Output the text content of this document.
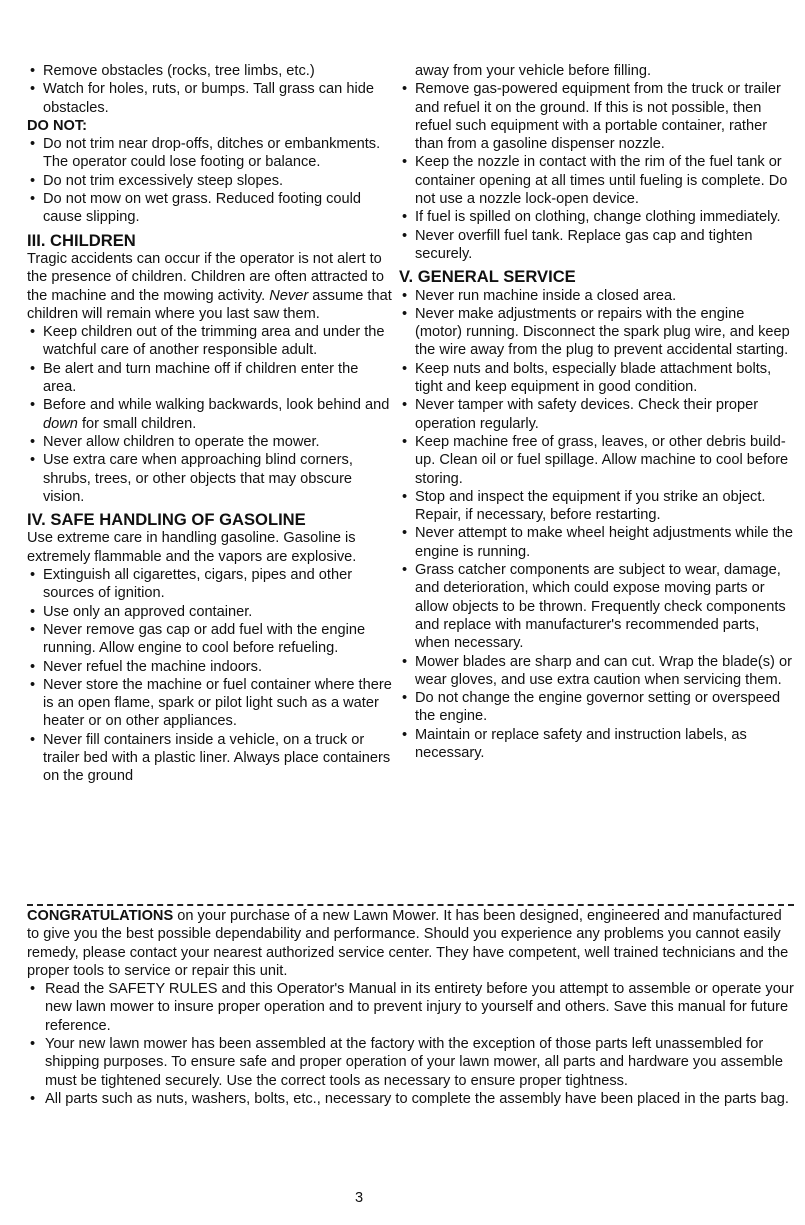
• Remove obstacles (rocks, tree limbs, etc.)

• Watch for holes, ruts, or bumps. Tall grass can hide obstacles.

DO NOT:

• Do not trim near drop-offs, ditches or embankments. The operator could lose footing or balance.

• Do not trim excessively steep slopes.

• Do not mow on wet grass. Reduced footing could cause slipping.

III. CHILDREN

Tragic accidents can occur if the operator is not alert to the presence of children. Children are often attracted to the machine and the mowing activity. Never assume that children will remain where you last saw them.

• Keep children out of the trimming area and under the watchful care of another responsible adult.

• Be alert and turn machine off if children enter the area.

• Before and while walking backwards, look behind and down for small children.

• Never allow children to operate the mower.

• Use extra care when approaching blind corners, shrubs, trees, or other objects that may obscure vision.

IV. SAFE HANDLING OF GASOLINE

Use extreme care in handling gasoline. Gasoline is extremely flammable and the vapors are explosive.

• Extinguish all cigarettes, cigars, pipes and other sources of ignition.

• Use only an approved container.

• Never remove gas cap or add fuel with the engine running. Allow engine to cool before refueling.

• Never refuel the machine indoors.

• Never store the machine or fuel container where there is an open flame, spark or pilot light such as a water heater or on other appliances.

• Never fill containers inside a vehicle, on a truck or trailer bed with a plastic liner. Always place containers on the ground

away from your vehicle before filling.

• Remove gas-powered equipment from the truck or trailer and refuel it on the ground. If this is not possible, then refuel such equipment with a portable container, rather than from a gasoline dispenser nozzle.

• Keep the nozzle in contact with the rim of the fuel tank or container opening at all times until fueling is complete. Do not use a nozzle lock-open device.

• If fuel is spilled on clothing, change clothing immediately.

• Never overfill fuel tank. Replace gas cap and tighten securely.

V. GENERAL SERVICE

• Never run machine inside a closed area.

• Never make adjustments or repairs with the engine (motor) running. Disconnect the spark plug wire, and keep the wire away from the plug to prevent accidental starting.

• Keep nuts and bolts, especially blade attachment bolts, tight and keep equipment in good condition.

• Never tamper with safety devices. Check their proper operation regularly.

• Keep machine free of grass, leaves, or other debris build-up. Clean oil or fuel spillage. Allow machine to cool before storing.

• Stop and inspect the equipment if you strike an object. Repair, if necessary, before restarting.

• Never attempt to make wheel height adjustments while the engine is running.

• Grass catcher components are subject to wear, damage, and deterioration, which could expose moving parts or allow objects to be thrown. Frequently check components and replace with manufacturer's recommended parts, when necessary.

• Mower blades are sharp and can cut. Wrap the blade(s) or wear gloves, and use extra caution when servicing them.

• Do not change the engine governor setting or overspeed the engine.

• Maintain or replace safety and instruction labels, as necessary.

CONGRATULATIONS on your purchase of a new Lawn Mower. It has been designed, engineered and manufactured to give you the best possible dependability and performance. Should you experience any problems you cannot easily remedy, please contact your nearest authorized service center. They have competent, well trained technicians and the proper tools to service or repair this unit.

• Read the SAFETY RULES and this Operator's Manual in its entirety before you attempt to assemble or operate your new lawn mower to insure proper operation and to prevent injury to yourself and others. Save this manual for future reference.

• Your new lawn mower has been assembled at the factory with the exception of those parts left unassembled for shipping purposes. To ensure safe and proper operation of your lawn mower, all parts and hardware you assemble must be tightened securely. Use the correct tools as necessary to ensure proper tightness.

• All parts such as nuts, washers, bolts, etc., necessary to complete the assembly have been placed in the parts bag.

3
